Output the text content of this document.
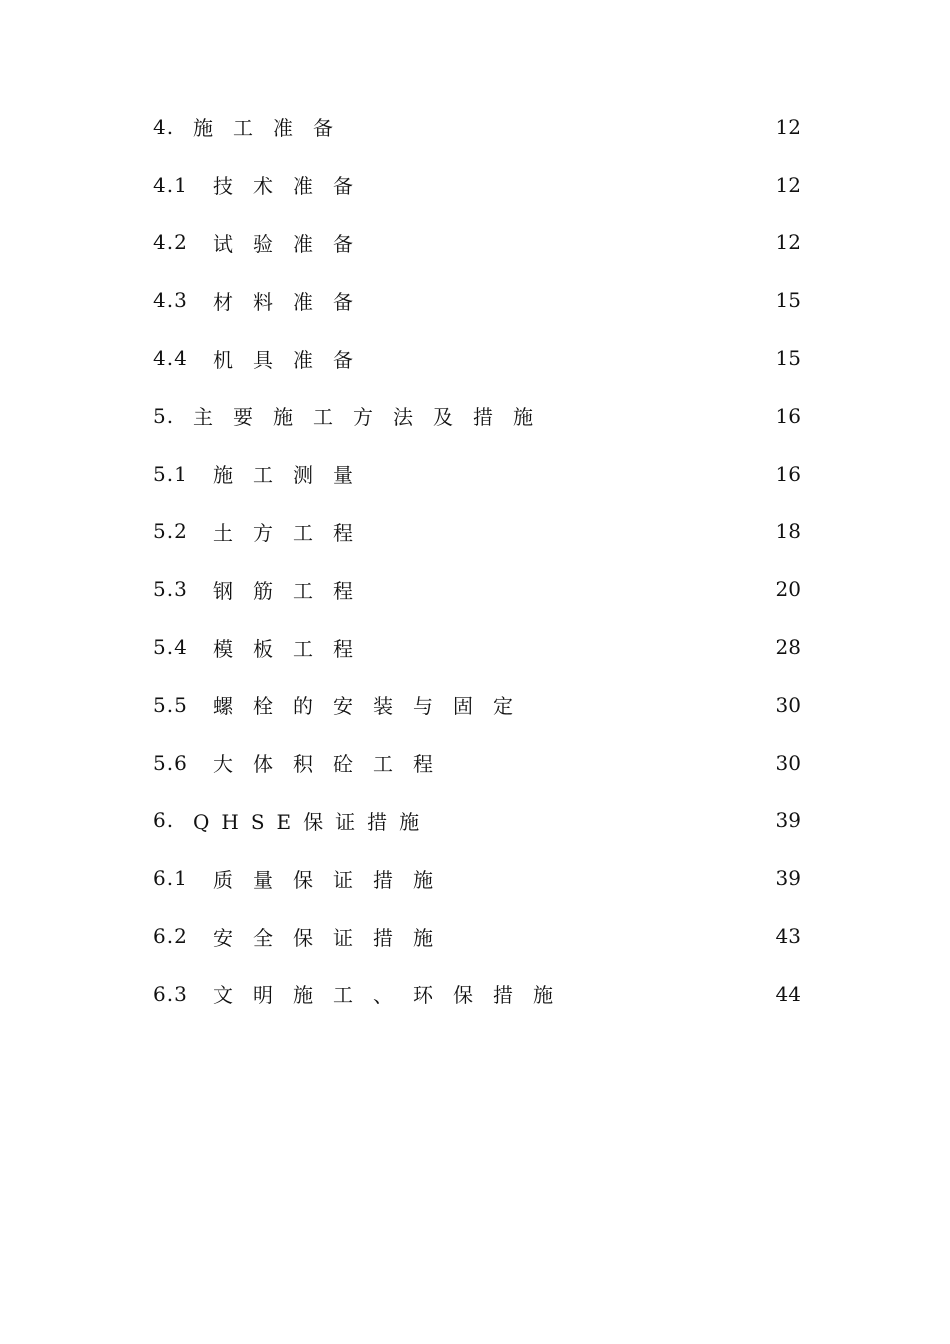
4. 施工准备	12
4.1	技术准备	12
4.2	试验准备	12
4.3	材料准备	15
4.4	机具准备	15
5. 主要施工方法及措施	16
5.1	施工测量	16
5.2	土方工程	18
5.3	钢筋工程	20
5.4	模板工程	28
5.5	螺栓的安装与固定	30
5.6	大体积砼工程	30
6. QHSE保证措施	39
6.1	质量保证措施	39
6.2	安全保证措施	43
6.3	文明施工、环保措施	44
